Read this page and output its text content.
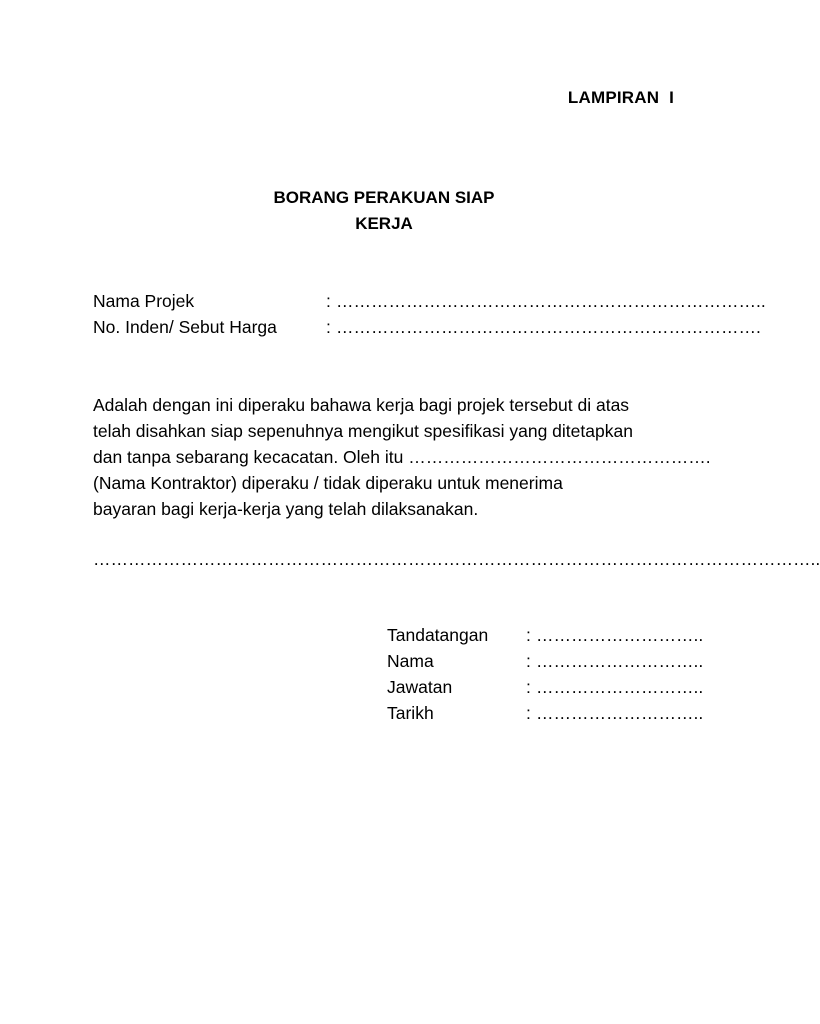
LAMPIRAN  I
BORANG PERAKUAN SIAP
KERJA
Nama Projek	: ………………………………………………………………..
No. Inden/ Sebut Harga	: ……………………………………………………………….
Adalah dengan ini diperaku bahawa kerja bagi projek tersebut di atas
telah disahkan siap sepenuhnya mengikut spesifikasi yang ditetapkan
dan tanpa sebarang kecacatan. Oleh itu …………………………………………….
(Nama Kontraktor) diperaku / tidak diperaku untuk menerima
bayaran bagi kerja-kerja yang telah dilaksanakan.
……………………………………………………………………………………………………………..
Tandatangan : ………………………..
Nama	: ………………………..
Jawatan	: ………………………..
Tarikh	: ………………………..
